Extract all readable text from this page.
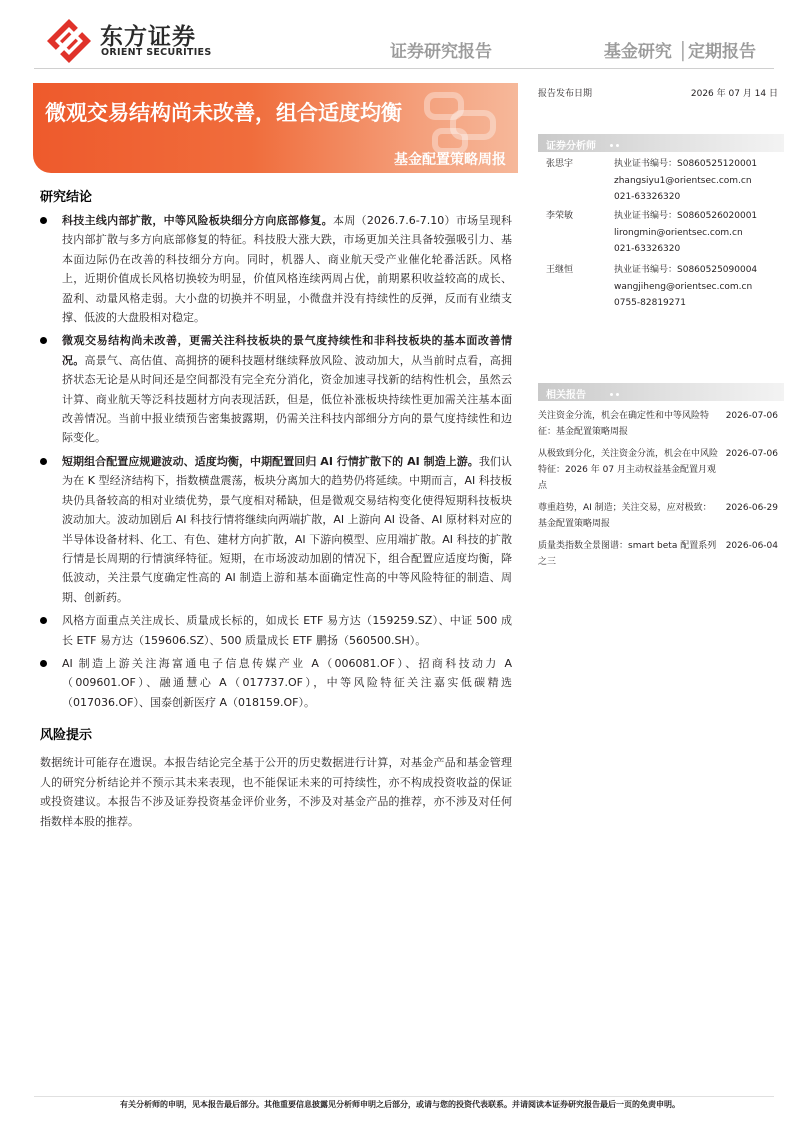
东方证券
ORIENT SECURITIES	证券研究报告	基金研究 │定期报告
微观交易结构尚未改善，组合适度均衡
基金配置策略周报
研究结论
科技主线内部扩散，中等风险板块细分方向底部修复。本周（2026.7.6-7.10）市场呈现科技内部扩散与多方向底部修复的特征。科技股大涨大跌，市场更加关注具备较强吸引力、基本面边际仍在改善的科技细分方向。同时，机器人、商业航天受产业催化轮番活跃。风格上，近期价值成长风格切换较为明显，价值风格连续两周占优，前期累积收益较高的成长、盈利、动量风格走弱。大小盘的切换并不明显，小微盘并没有持续性的反弹，反而有业绩支撑、低波的大盘股相对稳定。
微观交易结构尚未改善，更需关注科技板块的景气度持续性和非科技板块的基本面改善情况。高景气、高估值、高拥挤的硬科技题材继续释放风险、波动加大，从当前时点看，高拥挤状态无论是从时间还是空间都没有完全充分消化，资金加速寻找新的结构性机会，虽然云计算、商业航天等泛科技题材方向表现活跃，但是，低位补涨板块持续性更加需关注基本面改善情况。当前中报业绩预告密集披露期，仍需关注科技内部细分方向的景气度持续性和边际变化。
短期组合配置应规避波动、适度均衡，中期配置回归 AI 行情扩散下的 AI 制造上游。我们认为在 K 型经济结构下，指数横盘震荡，板块分离加大的趋势仍将延续。中期而言，AI 科技板块仍具备较高的相对业绩优势，景气度相对稀缺，但是微观交易结构变化使得短期科技板块波动加大。波动加剧后 AI 科技行情将继续向两端扩散，AI 上游向 AI 设备、AI 原材料对应的半导体设备材料、化工、有色、建材方向扩散，AI 下游向模型、应用端扩散。AI 科技的扩散行情是长周期的行情演绎特征。短期，在市场波动加剧的情况下，组合配置应适度均衡，降低波动，关注景气度确定性高的 AI 制造上游和基本面确定性高的中等风险特征的制造、周期、创新药。
风格方面重点关注成长、质量成长标的，如成长 ETF 易方达（159259.SZ）、中证 500 成长 ETF 易方达（159606.SZ）、500 质量成长 ETF 鹏扬（560500.SH）。
AI 制造上游关注海富通电子信息传媒产业 A（006081.OF）、招商科技动力 A（009601.OF）、融通慧心 A（017737.OF），中等风险特征关注嘉实低碳精选（017036.OF）、国泰创新医疗 A（018159.OF）。
风险提示

数据统计可能存在遗误。本报告结论完全基于公开的历史数据进行计算，对基金产品和基金管理人的研究分析结论并不预示其未来表现，也不能保证未来的可持续性，亦不构成投资收益的保证或投资建议。本报告不涉及证券投资基金评价业务，不涉及对基金产品的推荐，亦不涉及对任何指数样本股的推荐。

报告发布日期	2026 年 07 月 14 日
证券分析师
张思宇	执业证书编号：S0860525120001
zhangsiyu1@orientsec.com.cn
021-63326320
李荣敏	执业证书编号：S0860526020001
lirongmin@orientsec.com.cn
021-63326320
王继恒	执业证书编号：S0860525090004
wangjiheng@orientsec.com.cn
0755-82819271
相关报告
关注资金分流，机会在确定性和中等风险特征：基金配置策略周报
2026-07-06
从极致到分化，关注资金分流，机会在中风险特征：2026 年 07 月主动权益基金配置月观点
2026-07-06
尊重趋势，AI 制造；关注交易，应对极致：基金配置策略周报
2026-06-29
质量类指数全景图谱：smart beta 配置系列之三
2026-06-04
有关分析师的申明，见本报告最后部分。其他重要信息披露见分析师申明之后部分，或请与您的投资代表联系。并请阅读本证券研究报告最后一页的免责申明。
